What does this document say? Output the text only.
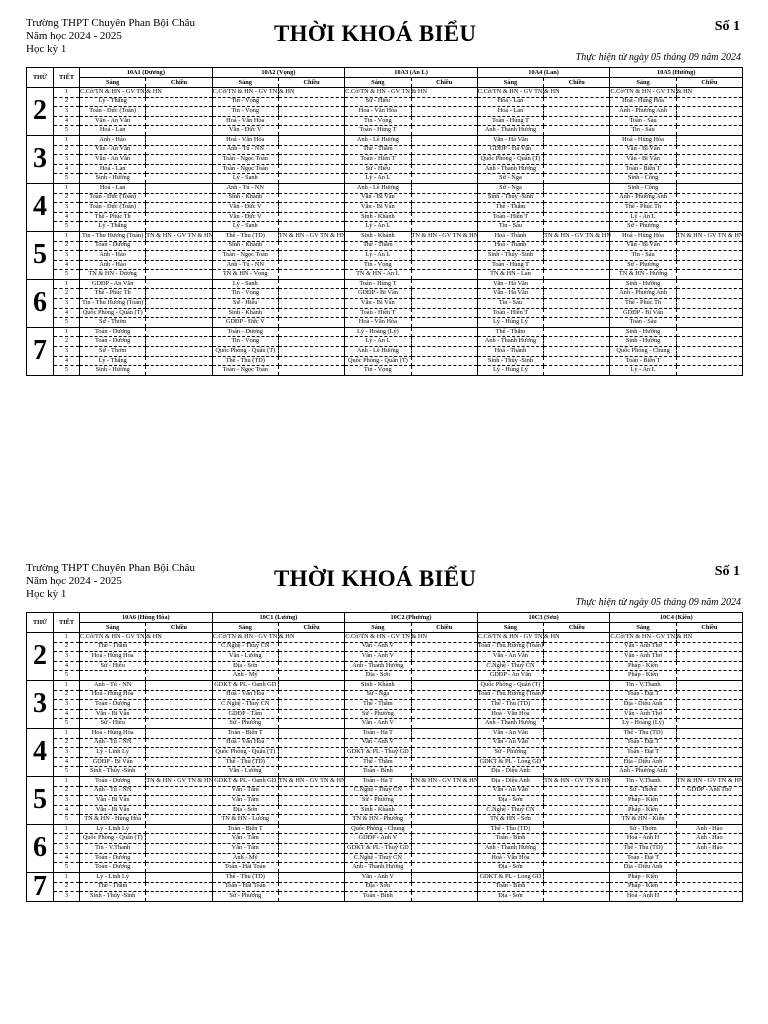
Trường THPT Chuyên Phan Bội Châu
Năm học 2024 - 2025
Học kỳ 1
THỜI KHOÁ BIỂU	Số 1
Thực hiện từ ngày 05 tháng 09 năm 2024
THỨ	TIẾT	10A1 (Dương)		10A2 (Vọng)		10A3 (An L)		10A4 (Lan)		10A5 (Hường)	
		Sáng	Chiều	Sáng	Chiều	Sáng	Chiều	Sáng	Chiều	Sáng	Chiều
2	1	C.Cờ/TN & HN - GV TN & HN		C.Cờ/TN & HN - GV TN & HN		C.Cờ/TN & HN - GV TN & HN		C.Cờ/TN & HN - GV TN & HN		C.Cờ/TN & HN - GV TN & HN	
	2	Lý - Thắng		Tin - Vọng		Sử - Hiếu		Hoá - Lan		Hoá - Hùng Hòa	
	3	Toán - Đức (Toán)		Tin - Vọng		Hoá - Văn Hòa		Hoá - Lan		Anh - Phương Anh	
	4	Văn - An Văn		Hoá - Văn Hòa		Tin - Vọng		Toán - Hùng T		Toán - Sáu	
	5	Hoá - Lan		Văn - Đức V		Toán - Hùng T		Anh - Thanh Hương		Tin - Sáu	
3	1	Anh - Hảo		Hoá - Văn Hòa		Anh - Lê Hương		Văn - Hà Văn		Hoá - Hùng Hòa	
	2	Văn - An Văn		Anh - Tú - NN		Thể - Thắm		GDĐP - Hà Văn		Văn - Bi Vân	
	3	Văn - An Văn		Toán - Ngọc Toán		Toán - Hiền T		Quốc Phòng - Quân (T)		Văn - Bi Vân	
	4	Hoá - Lan		Toán - Ngọc Toán		Sử - Hiếu		Anh - Thanh Hương		Toán - Biên T	
	5	Sinh - Hường		Lý - Sanh		Lý - An L		Sử - Nga		Sinh - Công	
4	1	Hoá - Lan		Anh - Tú - NN		Anh - Lê Hương		Sử - Nga		Sinh - Công	
	2	Toán - Đức (Toán)		Sinh - Khánh		Văn - Bi Vân		Sinh - Thúy -Sinh		Anh - Phương Anh	
	3	Toán - Đức (Toán)		Văn - Đức V		Văn - Bi Vân		Thể - Thắm		Thể - Phúc Th	
	4	Thể - Phúc Th		Văn - Đức V		Sinh - Khánh		Toán - Hiền T		Lý - An L	
	5	Lý - Thắng		Lý - Sanh		Lý - An L		Tin - Sáu		Sử - Phương	
5	1	Tin - Thu Hương (Toán)	TN & HN - GV TN & HN	Thể - Thu (TD)	TN & HN - GV TN & HN	Sinh - Khánh	TN & HN - GV TN & HN	Hoá - Thành	TN & HN - GV TN & HN	Hoá - Hùng Hòa	TN & HN - GV TN & HN
	2	Toán - Dương		Sinh - Khánh		Thể - Thắm		Hoá - Thành		Văn - Bi Vân	
	3	Anh - Hảo		Toán - Ngọc Toán		Lý - An L		Sinh - Thúy -Sinh		Tin - Sáu	
	4	Anh - Hảo		Anh - Tú - NN		Tin - Vọng		Toán - Hùng T		Sử - Phương	
	5	TN & HN - Dương		TN & HN - Vọng		TN & HN - An L		TN & HN - Lan		TN & HN - Hường	
6	1	GDĐP - An Văn		Lý - Sanh		Toán - Hùng T		Văn - Hà Văn		Sinh - Hường	
	2	Thể - Phúc Th		Tin - Vọng		GDĐP - Bi Vân		Văn - Hà Văn		Anh - Phương Anh	
	3	Tin - Thu Hương (Toán)		Sử - Hiếu		Văn - Bi Vân		Tin - Sáu		Thể - Phúc Th	
	4	Quốc Phòng - Quân (T)		Sinh - Khánh		Toán - Hiền T		Toán - Hiền T		GDĐP - Bi Vân	
	5	Sử - Thơm		GDĐP - Đức V		Hoá - Văn Hòa		Lý - Hùng Lý		Toán - Sáu	
7	1	Toán - Dương		Toán - Dương		Lý - Hoàng (Lý)		Thể - Thắm		Sinh - Hường	
	2	Toán - Dương		Tin - Vọng		Lý - An L		Anh - Thanh Hương		Sinh - Hường	
	3	Sử - Thơm		Quốc Phòng - Quân (T)		Anh - Lê Hương		Hoá - Thành		Quốc Phòng - Chung	
	4	Lý - Thắng		Thể - Thu (TD)		Quốc Phòng - Quân (T)		Sinh - Thúy -Sinh		Toán - Biên T	
	5	Sinh - Hường		Toán - Ngọc Toán		Tin - Vọng		Lý - Hùng Lý		Lý - An L	
Trường THPT Chuyên Phan Bội Châu
Năm học 2024 - 2025
Học kỳ 1
THỜI KHOÁ BIỂU	Số 1
Thực hiện từ ngày 05 tháng 09 năm 2024
THỨ	TIẾT	10A6 (Hùng Hòa)		10C1 (Lương)		10C2 (Phương)		10C3 (Sơn)		10C4 (Kiên)	
		Sáng	Chiều	Sáng	Chiều	Sáng	Chiều	Sáng	Chiều	Sáng	Chiều
2	1	C.Cờ/TN & HN - GV TN & HN		C.Cờ/TN & HN - GV TN & HN		C.Cờ/TN & HN - GV TN & HN		C.Cờ/TN & HN - GV TN & HN		C.Cờ/TN & HN - GV TN & HN	
	2	Thể - Thắm		C.Nghệ - Thuý CN		Văn - Anh V		Toán - Thu Hương (Toán)		Văn - Anh Thơ	
	3	Hoá - Hùng Hòa		Văn - Lương		Văn - Anh V		Văn - An Văn		Văn - Anh Thơ	
	4	Sử - Hiếu		Địa - Sơn		Anh - Thanh Hương		C.Nghệ - Thuý CN		Pháp - Kiên	
	5			Anh - Mỹ		Địa - Sơn		GDĐP - An Văn		Pháp - Kiên	
3	1	Anh - Tú - NN		GDKT & PL - Oanh GD		Sinh - Khánh		Quốc Phòng - Quân (T)		Tin - V.Thanh	
	2	Hoá - Hùng Hòa		Hoá - Văn Hòa		Sử - Nga		Toán - Thu Hương (Toán)		Toán - Đại T	
	3	Toán - Dương		C.Nghệ - Thuý CN		Thể - Thắm		Thể - Thu (TD)		Địa - Diệu Anh	
	4	Văn - Bi Vân		GDĐP - Tâm		Sử - Phương		Hoá - Văn Hòa		Văn - Anh Thơ	
	5	Sử - Hiếu		Sử - Phương		Văn - Anh V		Anh - Thanh Hương		Lý - Hoàng (Lý)	
4	1	Hoá - Hùng Hòa		Toán - Biên T		Toán - Hà T		Văn - An Văn		Thể - Thu (TD)	
	2	Anh - Tú - NN		Hoá - Văn Hòa		Văn - Anh V		Văn - An Văn		Toán - Đại T	
	3	Lý - Linh Lý		Quốc Phòng - Quân (T)		GDKT & PL - Thuý GD		Sử - Phương		Toán - Đại T	
	4	GDĐP - Bi Vân		Thể - Thu (TD)		Thể - Thắm		GDKT & PL - Long GD		Địa - Diệu Anh	
	5	Sinh - Thúy -Sinh		Văn - Lương		Toán - Bình		Địa - Diệu Anh		Anh - Phương Anh	
5	1	Toán - Dương	TN & HN - GV TN & HN	GDKT & PL - Oanh GD	TN & HN - GV TN & HN	Toán - Hà T	TN & HN - GV TN & HN	Địa - Diệu Anh	TN & HN - GV TN & HN	Tin - V.Thanh	TN & HN - GV TN & HN
	2	Anh - Tú - NN		Văn - Tâm		C.Nghệ - Thuý CN		Văn - An Văn		Sử - Thơm	GDĐP - Anh Thơ
	3	Văn - Bi Vân		Văn - Tâm		Sử - Phương		Địa - Sơn		Pháp - Kiên	
	4	Văn - Bi Vân		Địa - Sơn		Sinh - Khánh		C.Nghệ - Thuý CN		Pháp - Kiên	
	5	TN & HN - Hùng Hòa		TN & HN - Lương		TN & HN - Phương		TN & HN - Sơn		TN & HN - Kiên	
6	1	Lý - Linh Lý		Toán - Biên T		Quốc Phòng - Chung		Thể - Thu (TD)		Sử - Thơm	Anh - Hảo
	2	Quốc Phòng - Quân (T)		Văn - Tâm		GDĐP - Anh V		Toán - Bình		Hoá - Anh H	Anh - Hảo
	3	Tin - V.Thanh		Văn - Tâm		GDKT & PL - Thuý GD		Anh - Thanh Hương		Thể - Thu (TD)	Anh - Hảo
	4	Toán - Dương		Anh - Mỹ		C.Nghệ - Thuý CN		Hoá - Văn Hòa		Toán - Đại T	
	5	Toán - Dương		Toán - Hải Toán		Anh - Thanh Hương		Địa - Sơn		Địa - Diệu Anh	
7	1	Lý - Linh Lý		Thể - Thu (TD)		Văn - Anh V		GDKT & PL - Long GD		Pháp - Kiên	
	2	Thể - Thắm		Toán - Hải Toán		Địa - Sơn		Toán - Bình		Pháp - Kiên	
	3	Sinh - Thúy -Sinh		Sử - Phương		Toán - Bình		Địa - Sơn		Hoá - Anh H	
